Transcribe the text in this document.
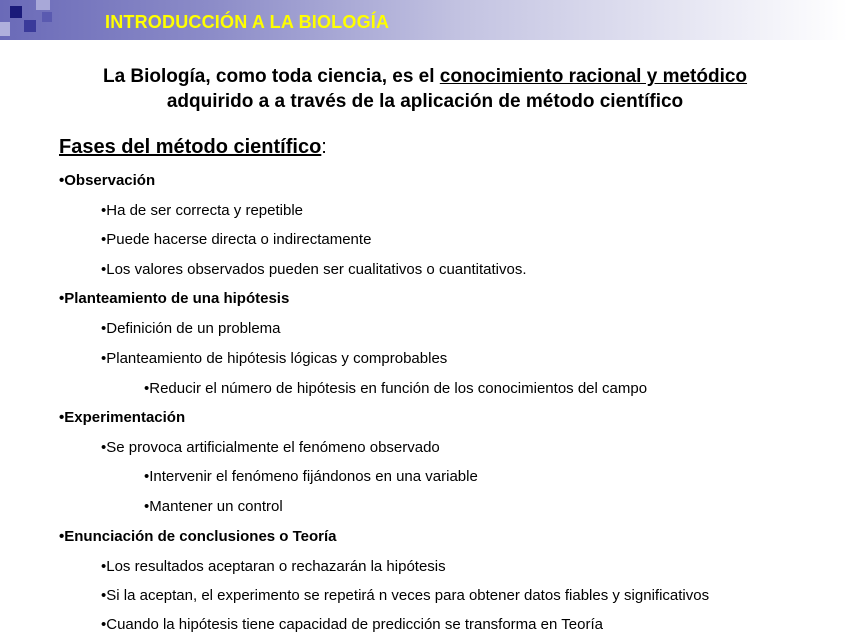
INTRODUCCIÓN A LA BIOLOGÍA
La Biología, como toda ciencia, es el conocimiento racional y metódico
adquirido a a través de la aplicación de método científico
Fases del método científico:
•Observación
•Ha de ser correcta y repetible
•Puede hacerse directa o indirectamente
•Los valores observados pueden ser cualitativos o cuantitativos.
•Planteamiento de una hipótesis
•Definición de un problema
•Planteamiento de hipótesis lógicas y comprobables
•Reducir el número de hipótesis en función de los conocimientos del campo
•Experimentación
•Se provoca artificialmente el fenómeno observado
•Intervenir el fenómeno fijándonos en una variable
•Mantener un control
•Enunciación de conclusiones o Teoría
•Los resultados aceptaran o rechazarán la hipótesis
•Si la aceptan, el experimento se repetirá n veces para obtener datos fiables y significativos
•Cuando la hipótesis tiene capacidad de predicción se transforma en Teoría
